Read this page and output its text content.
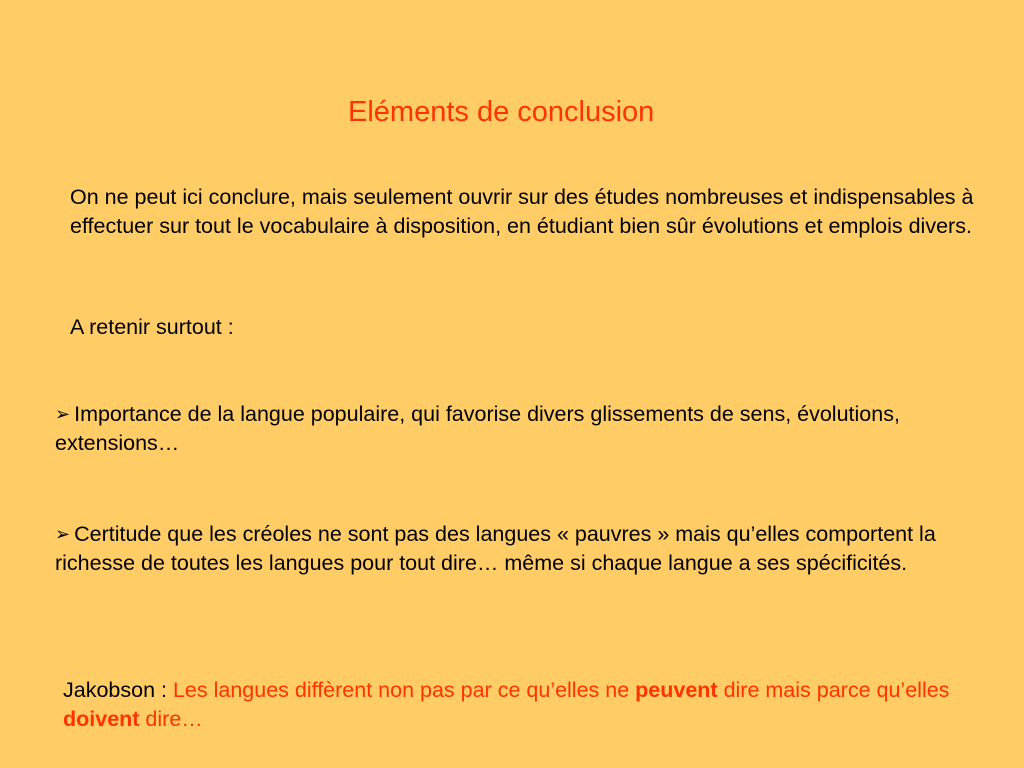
Eléments de conclusion
On ne peut ici conclure, mais seulement ouvrir sur des études nombreuses et indispensables à effectuer sur tout le vocabulaire à disposition, en étudiant bien sûr évolutions et emplois divers.
A retenir surtout :
➢ Importance de la langue populaire, qui favorise divers glissements de sens, évolutions, extensions…
➢ Certitude que les créoles ne sont pas des langues « pauvres » mais qu’elles comportent la richesse de toutes les langues pour tout dire… même si chaque langue a ses spécificités.
Jakobson : Les langues diffèrent non pas par ce qu’elles ne peuvent dire mais parce qu’elles doivent dire…
